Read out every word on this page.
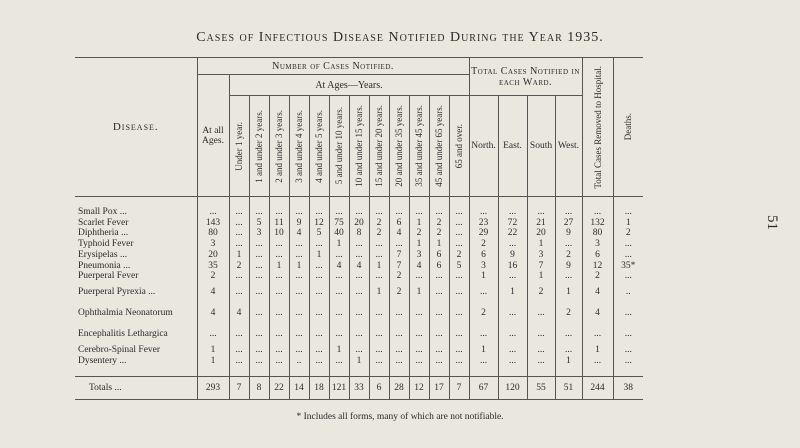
Cases of Infectious Disease Notified During the Year 1935.
51
Disease.	Number of Cases Notified.													Total Cases Notified in each Ward.				Total Cases Removed to Hospital.	Deaths.

	At all Ages.	At Ages—Years.																	

		Under 1 year.	1 and under 2 years.	2 and under 3 years.	3 and under 4 years.	4 and under 5 years.	5 and under 10 years.	10 and under 15 years.	15 and under 20 years.	20 and under 35 years.	35 and under 45 years.	45 and under 65 years.	65 and over.	North.	East.	South	West.		

Small Pox ...	...	...	...	...	...	...	...	...	...	...	...	...	...	...	...	...	...	...	...
Scarlet Fever	143	...	5	11	9	12	75	20	2	6	1	2	...	23	72	21	27	132	1
Diphtheria ...	80	...	3	10	4	5	40	8	2	4	2	2	...	29	22	20	9	80	2
Typhoid Fever	3	...	...	...	...	...	1	...	...	...	1	1	...	2	...	1	...	3	...
Erysipelas ...	20	1	...	...	...	1	...	...	...	7	3	6	2	6	9	3	2	6	...
Pneumonia ...	35	2	...	1	1	...	4	4	1	7	4	6	5	3	16	7	9	12	35*
Puerperal Fever	2	...	...	...	...	...	...	...	...	2	...	...	...	1	...	1	...	2	...
Puerperal Pyrexia ...	4	...	...	...	...	...	...	...	1	2	1	...	...	...	1	2	1	4	..
Ophthalmia Neonatorum	4	4	...	...	...	...	...	...	...	...	...	...	...	2	...	...	2	4	...
Encephalitis Lethargica	...	...	...	...	...	...	...	...	...	...	...	...	...	...	...	...	...	...	...
Cerebro-Spinal Fever	1	...	...	...	...	...	1	...	...	...	...	...	...	1	...	...	...	1	...
Dysentery ...	1	...	...	...	..	...	...	1	...	...	...	...	...	...	...	...	1	...	...

Totals ...	293	7	8	22	14	18	121	33	6	28	12	17	7	67	120	55	51	244	38
* Includes all forms, many of which are not notifiable.
